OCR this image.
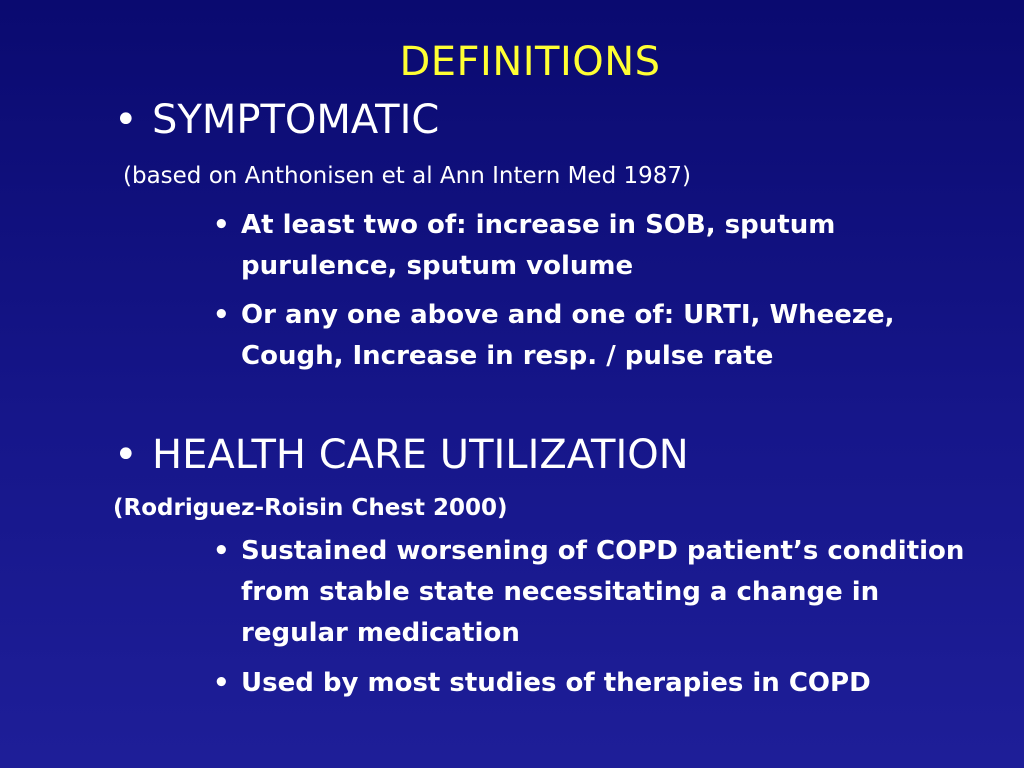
DEFINITIONS
• SYMPTOMATIC
(based on Anthonisen et al Ann Intern Med 1987)
• At least two of: increase in SOB, sputum purulence, sputum volume
• Or any one above and one of: URTI, Wheeze, Cough, Increase in resp. / pulse rate
• HEALTH CARE UTILIZATION
(Rodriguez-Roisin Chest 2000)
• Sustained worsening of COPD patient’s condition from stable state necessitating a change in regular medication
• Used by most studies of therapies in COPD
